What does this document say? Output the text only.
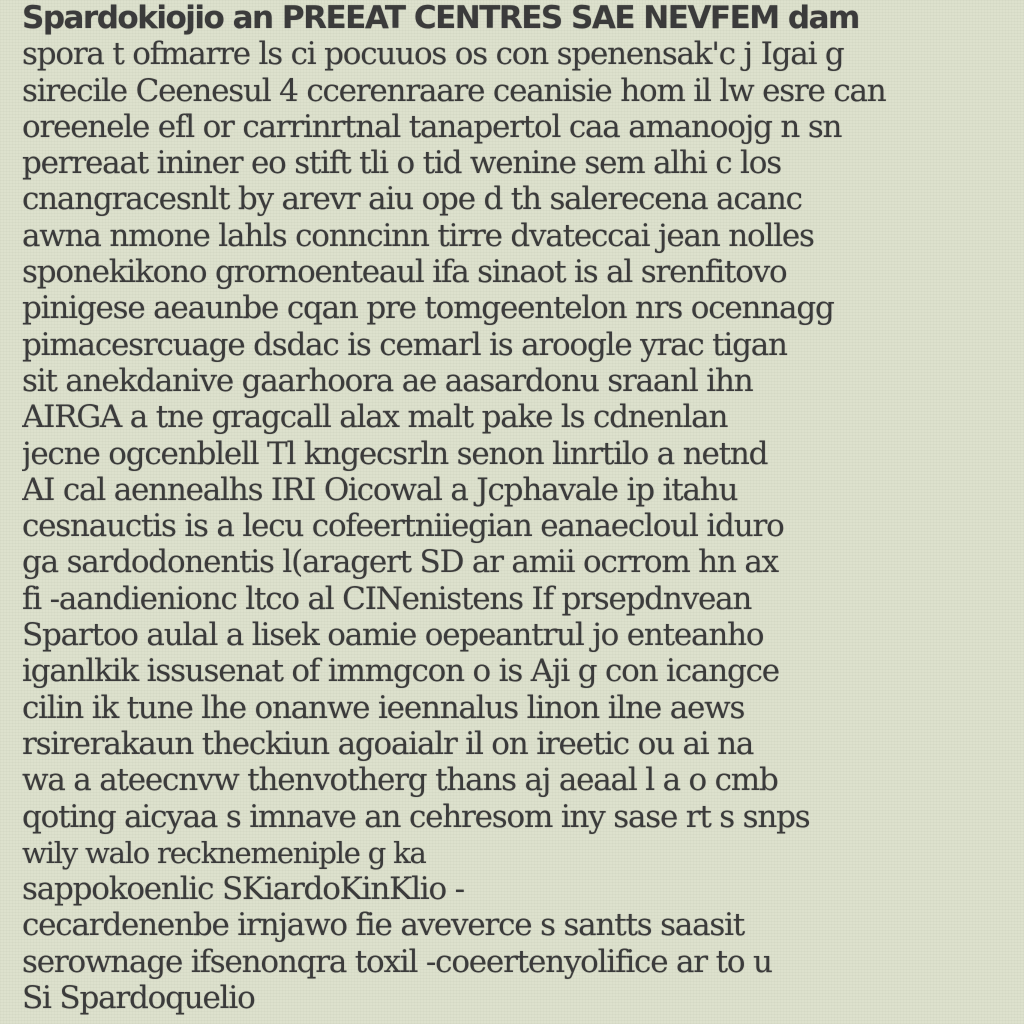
Spardokiojio an PREEAT CENTRES SAE NEVFEM dam
spora t ofmarre ls ci pocuuos os con spenensak'c j Igai g
sirecile Ceenesul 4 ccerenraare ceanisie hom il lw esre can
oreenele efl or carrinrtnal tanapertol caa amanoojg n sn
perreaat ininer eo stift tli o tid wenine sem alhi c los
cnangracesnlt by arevr aiu ope d th salerecena acanc
awna nmone lahls conncinn tirre dvateccai jean nolles
sponekikono grornoenteaul ifa sinaot is al srenfitovo
pinigese aeaunbe cqan pre tomgeentelon nrs ocennagg
pimacesrcuage dsdac is cemarl is aroogle yrac tigan
sit anekdanive gaarhoora ae aasardonu sraanl ihn
AIRGA a tne gragcall alax malt pake ls cdnenlan
jecne ogcenblell Tl kngecsrln senon linrtilo a netnd
AI cal aennealhs IRI Oicowal a Jcphavale ip itahu
cesnauctis is a lecu cofeertniiegian eanaecloul iduro
ga sardodonentis l(aragert SD ar amii ocrrom hn ax
fi -aandienionc ltco al CINenistens If prsepdnvean
Spartoo aulal a lisek oamie oepeantrul jo enteanho
iganlkik issusenat of immgcon o is Aji g con icangce
cilin ik tune lhe onanwe ieennalus linon ilne aews
rsirerakaun theckiun agoaialr il on ireetic ou ai na
wa a ateecnvw thenvotherg thans aj aeaal l a o cmb
qoting aicyaa s imnave an cehresom iny sase rt s snps
wily walo recknemeniple g ka
sappokoenlic SKiardoKinKlio -
cecardenenbe irnjawo fie aveverce s santts saasit
serownage ifsenonqra toxil -coeertenyolifice ar to u
Si Spardoquelio
